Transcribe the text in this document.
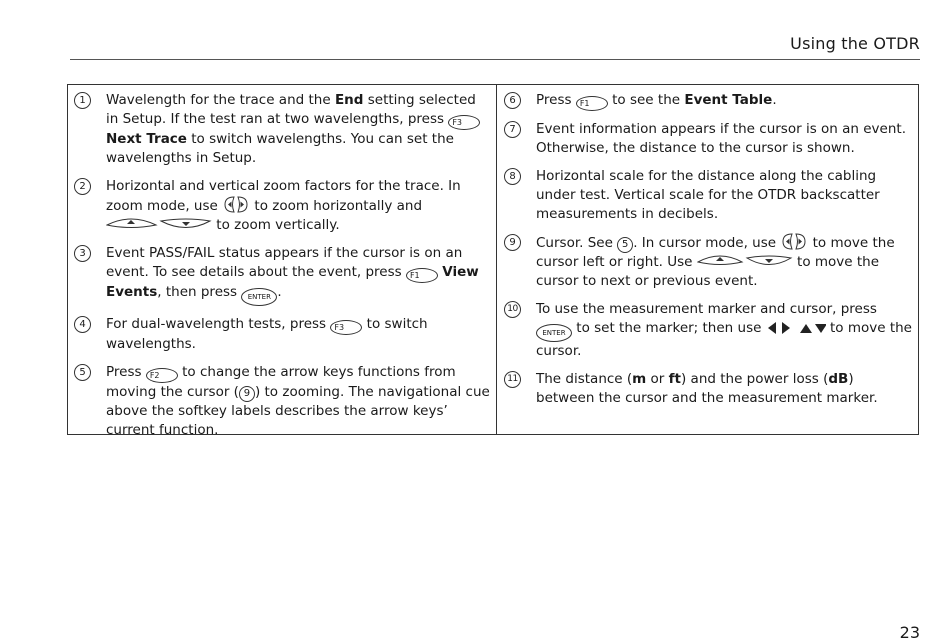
Using the OTDR
1	Wavelength for the trace and the End setting selected in Setup. If the test ran at two wavelengths, press F3 Next Trace to switch wavelengths. You can set the wavelengths in Setup.
2	Horizontal and vertical zoom factors for the trace. In zoom mode, use  to zoom horizontally and  to zoom vertically.
3	Event PASS/FAIL status appears if the cursor is on an event. To see details about the event, press F1 View Events, then press ENTER .
4	For dual-wavelength tests, press F3 to switch wavelengths.
5	Press F2 to change the arrow keys functions from moving the cursor ( 9 ) to zooming. The navigational cue above the softkey labels describes the arrow keys’ current function.
6	Press F1 to see the Event Table.
7	Event information appears if the cursor is on an event. Otherwise, the distance to the cursor is shown.
8	Horizontal scale for the distance along the cabling under test. Vertical scale for the OTDR backscatter measurements in decibels.
9	Cursor. See 5 . In cursor mode, use  to move the cursor left or right. Use	to move the cursor to next or previous event.
10 To use the measurement marker and cursor, press ENTER to set the marker; then use	to move the cursor.
11 The distance (m or ft) and the power loss (dB) between the cursor and the measurement marker.
23
